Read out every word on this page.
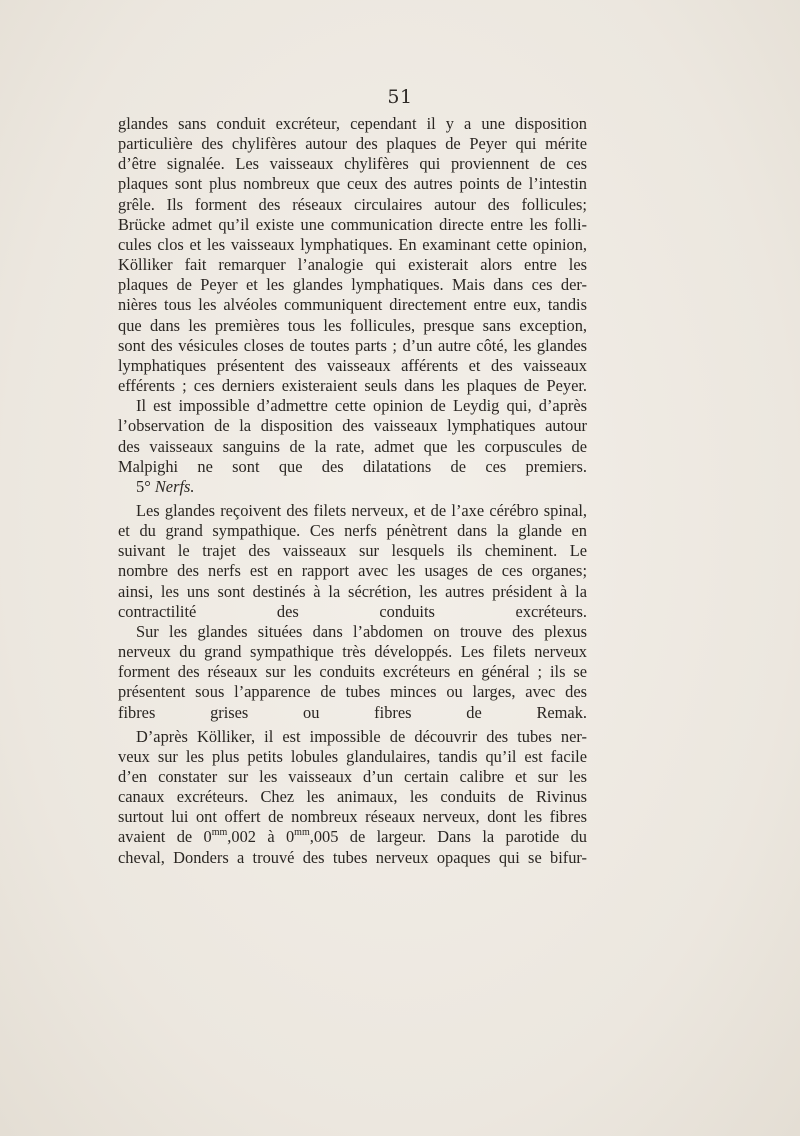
51

glandes sans conduit excréteur, cependant il y a une disposition
particulière des chylifères autour des plaques de Peyer qui mérite
d’être signalée. Les vaisseaux chylifères qui proviennent de ces
plaques sont plus nombreux que ceux des autres points de l’intestin
grêle. Ils forment des réseaux circulaires autour des follicules;
Brücke admet qu’il existe une communication directe entre les folli-
cules clos et les vaisseaux lymphatiques. En examinant cette opinion,
Kölliker fait remarquer l’analogie qui existerait alors entre les
plaques de Peyer et les glandes lymphatiques. Mais dans ces der-
nières tous les alvéoles communiquent directement entre eux, tandis
que dans les premières tous les follicules, presque sans exception,
sont des vésicules closes de toutes parts ; d’un autre côté, les glandes
lymphatiques présentent des vaisseaux afférents et des vaisseaux
efférents ; ces derniers existeraient seuls dans les plaques de Peyer.

Il est impossible d’admettre cette opinion de Leydig qui, d’après
l’observation de la disposition des vaisseaux lymphatiques autour
des vaisseaux sanguins de la rate, admet que les corpuscules de
Malpighi ne sont que des dilatations de ces premiers.

5° Nerfs.

Les glandes reçoivent des filets nerveux, et de l’axe cérébro spinal,
et du grand sympathique. Ces nerfs pénètrent dans la glande en
suivant le trajet des vaisseaux sur lesquels ils cheminent. Le
nombre des nerfs est en rapport avec les usages de ces organes;
ainsi, les uns sont destinés à la sécrétion, les autres président à la
contractilité des conduits excréteurs.

Sur les glandes situées dans l’abdomen on trouve des plexus
nerveux du grand sympathique très développés. Les filets nerveux
forment des réseaux sur les conduits excréteurs en général ; ils se
présentent sous l’apparence de tubes minces ou larges, avec des
fibres grises ou fibres de Remak.

D’après Kölliker, il est impossible de découvrir des tubes ner-
veux sur les plus petits lobules glandulaires, tandis qu’il est facile
d’en constater sur les vaisseaux d’un certain calibre et sur les
canaux excréteurs. Chez les animaux, les conduits de Rivinus
surtout lui ont offert de nombreux réseaux nerveux, dont les fibres
avaient de $0^{mm},002$ à $0^{mm},005$ de largeur. Dans la parotide du
cheval, Donders a trouvé des tubes nerveux opaques qui se bifur-
